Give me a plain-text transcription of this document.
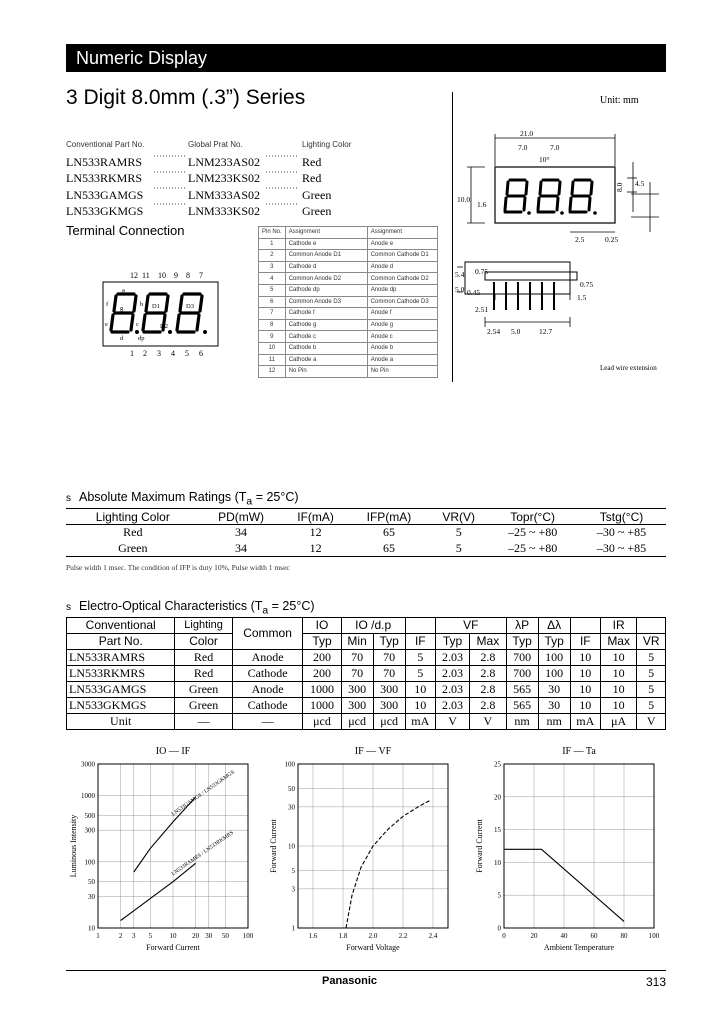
Numeric Display
3 Digit 8.0mm (.3”) Series	Unit: mm
Conventional Part No.	Global Prat No.	Lighting Color
LN533RAMRS	LNM233AS02	Red
LN533RKMRS	LNM233KS02	Red
LN533GAMGS	LNM333AS02	Green
LN533GKMGS	LNM333KS02	Green
Terminal Connection
12 11 10 9 8 7
1 2 3 4 5 6
a
b
c
d
e
f
g
dp
D1
D2
D3
Pin No.	Assignment	Assignment
1	Cathode e	Anode e
2	Common Anode D1	Common Cathode D1
3	Cathode d	Anode d
4	Common Anode D2	Common Cathode D2
5	Cathode dp	Anode dp
6	Common Anode D3	Common Cathode D3
7	Cathode f	Anode f
8	Cathode g	Anode g
9	Cathode c	Anode c
10	Cathode b	Anode b
11	Cathode a	Anode a
12	No Pin	No Pin
21.0
7.0	7.0
10°
10.0
1.6
4.5
2.5	0.25
5.4 0.75
5.0 0.45
2.51
0.75
1.5
2.54 5.0 12.7
Lead wire extension
8.0
s Absolute Maximum Ratings $(T_a = 25^\circ C)$
Lighting Color	PD(mW)	IF(mA)	IFP(mA)	VR(V)	Topr(°C)	Tstg(°C)
Red	34	12	65	5	–25 ~ +80	–30 ~ +85
Green	34	12	65	5	–25 ~ +80	–30 ~ +85
Pulse width 1 msec. The condition of IFP is duty 10%, Pulse width 1 msec
s Electro-Optical Characteristics $(T_a = 25^\circ C)$
Conventional	Lighting	Common	IO	IO /d.p			VF		λP	Δλ		IR	
Part No.	Color		Typ	Min	Typ	IF	Typ	Max	Typ	Typ	IF	Max	VR
LN533RAMRS	Red	Anode	200	70	70	5	2.03	2.8	700	100	10	10	5
LN533RKMRS	Red	Cathode	200	70	70	5	2.03	2.8	700	100	10	10	5
LN533GAMGS	Green	Anode	1000	300	300	10	2.03	2.8	565	30	10	10	5
LN533GKMGS	Green	Cathode	1000	300	300	10	2.03	2.8	565	30	10	10	5
Unit	—	—	μcd	μcd	μcd	mA	V	V	nm	nm	mA	μA	V
IO — IF
1	2 3 5 10 20 30 50 100
3000
1000
500
300
100
50
30
10
Forward Current
Luminous Intensity
LN533GAMGS / LN533GKMGS
LN533RAMRS / LN533RKMRS
IF — VF
1.6	1.8	2.0	2.2	2.4
100
50
30
10
5
3
1
Forward Voltage
Forward Current
IF — Ta
0	20	40	60	80	100
0
5
10
15
20
25
Ambient Temperature
Forward Current
Panasonic	313
